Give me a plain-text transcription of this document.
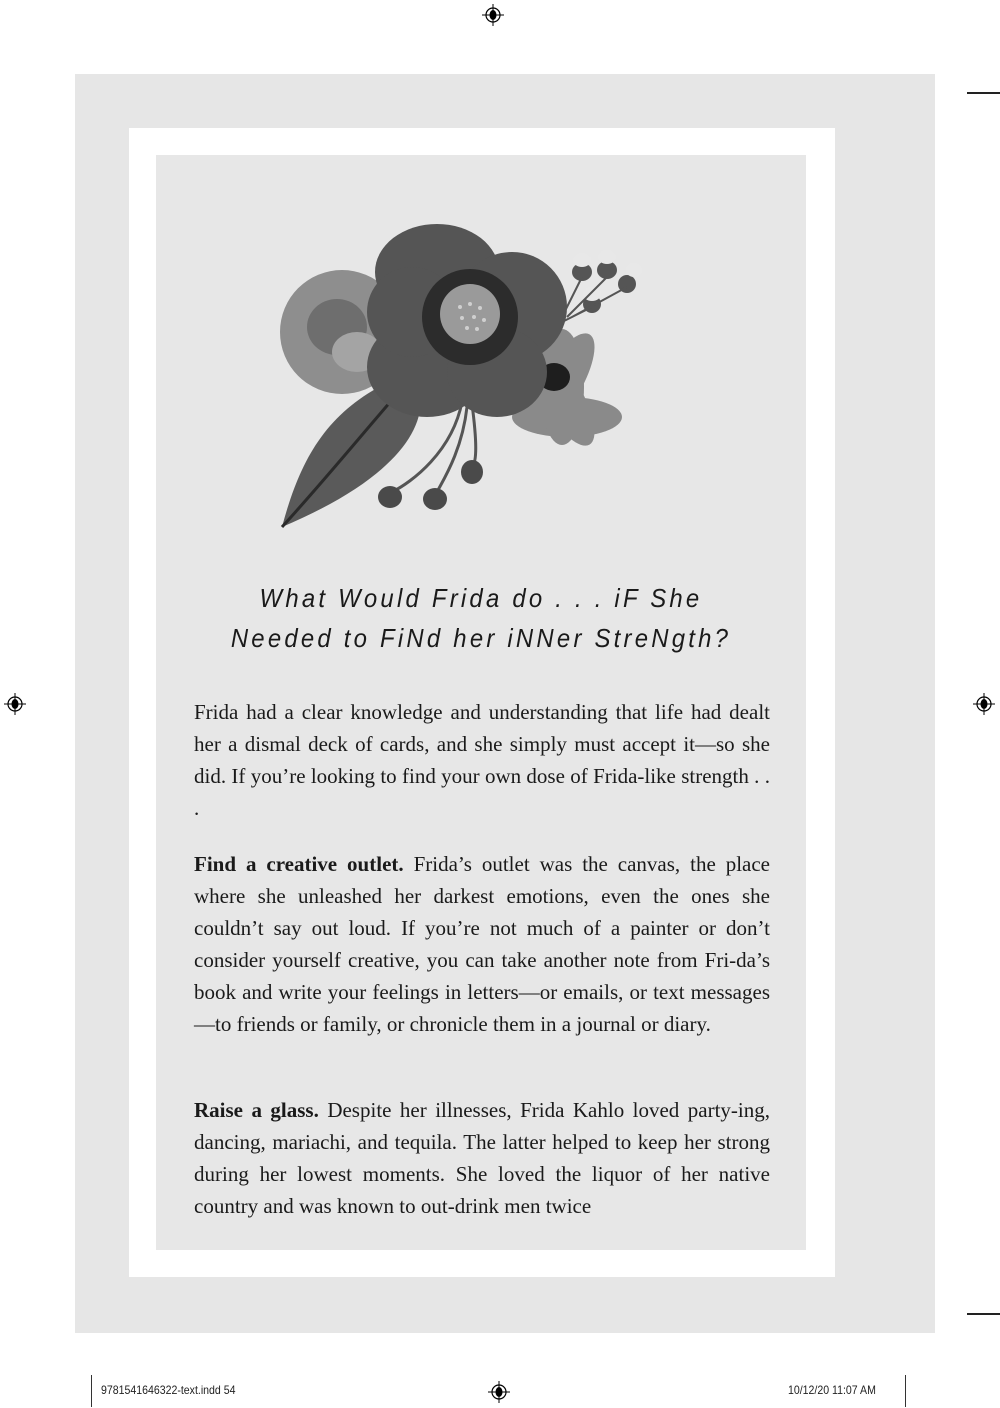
What Would Frida do . . . iF She
Needed to FiNd her iNNer StreNgth?
Frida had a clear knowledge and understanding that life had dealt her a dismal deck of cards, and she simply must accept it—so she did. If you’re looking to find your own dose of Frida-like strength . . .
Find a creative outlet. Frida’s outlet was the canvas, the place where she unleashed her darkest emotions, even the ones she couldn’t say out loud. If you’re not much of a painter or don’t consider yourself creative, you can take another note from Fri-da’s book and write your feelings in letters—or emails, or text messages—to friends or family, or chronicle them in a journal or diary.
Raise a glass. Despite her illnesses, Frida Kahlo loved party-ing, dancing, mariachi, and tequila. The latter helped to keep her strong during her lowest moments. She loved the liquor of her native country and was known to out-drink men twice
9781541646322-text.indd 54	10/12/20 11:07 AM
